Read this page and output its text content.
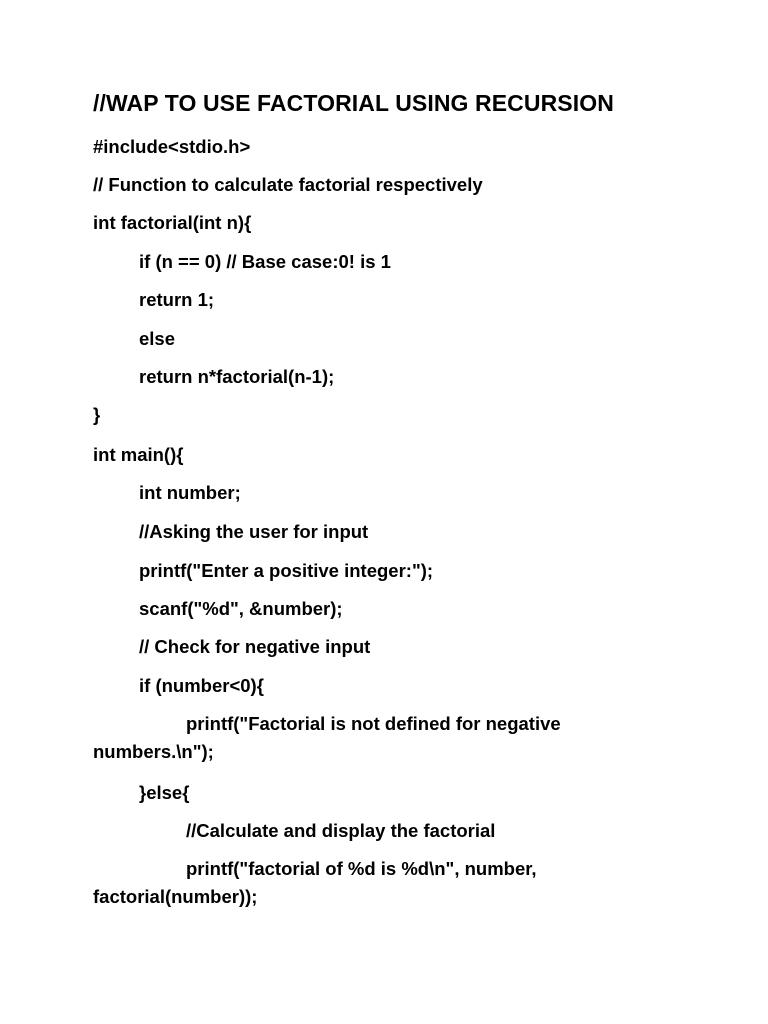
//WAP TO USE FACTORIAL USING RECURSION
#include<stdio.h>
// Function to calculate factorial respectively
int factorial(int n){
if (n == 0) // Base case:0! is 1
return 1;
else
return n*factorial(n-1);
}
int main(){
int number;
//Asking the user for input
printf("Enter a positive integer:");
scanf("%d", &number);
// Check for negative input
if (number<0){
printf("Factorial is not defined for negative numbers.\n");
}else{
//Calculate and display the factorial
printf("factorial of %d is %d\n", number, factorial(number));
